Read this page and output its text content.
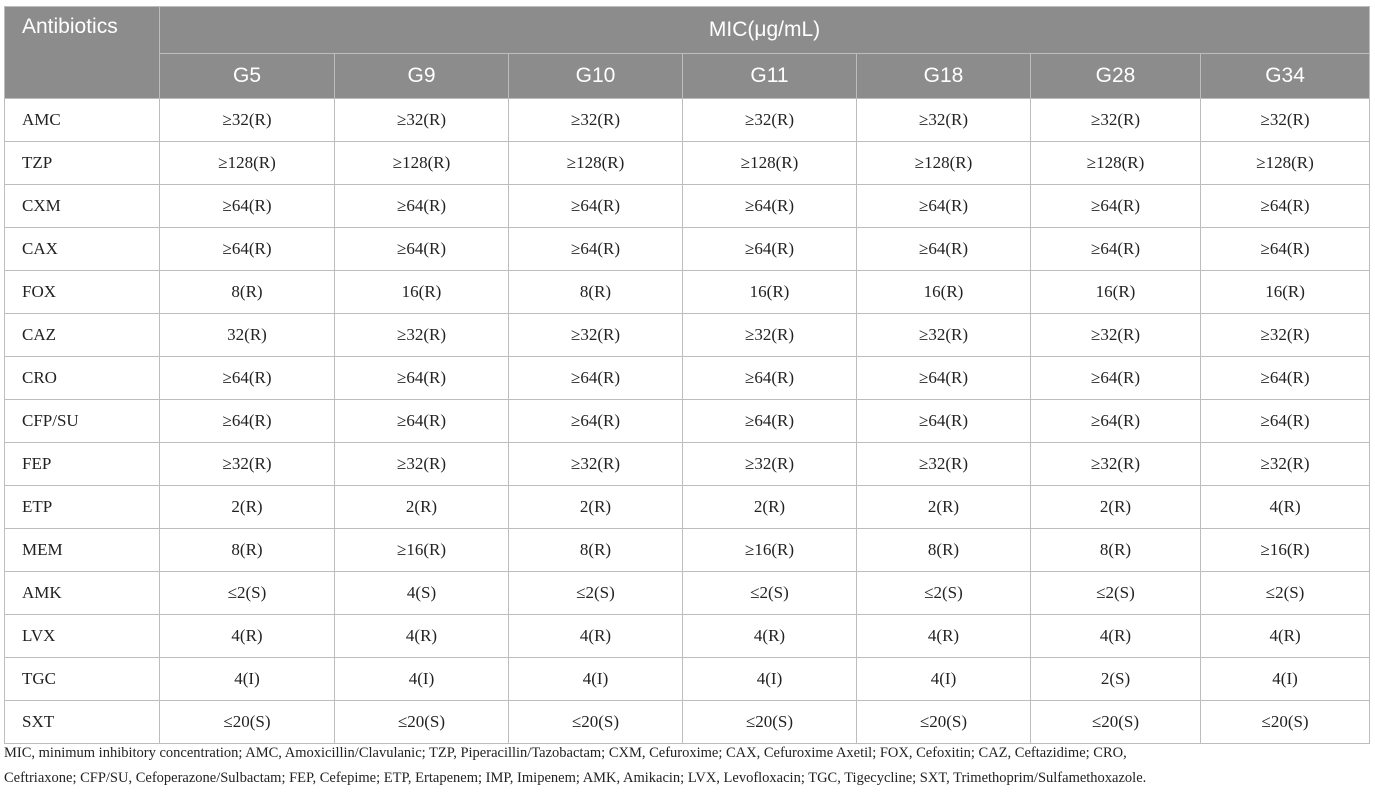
Antibiotics	MIC(μg/mL)						
	G5	G9	G10	G11	G18	G28	G34
AMC	≥32(R)	≥32(R)	≥32(R)	≥32(R)	≥32(R)	≥32(R)	≥32(R)
TZP	≥128(R)	≥128(R)	≥128(R)	≥128(R)	≥128(R)	≥128(R)	≥128(R)
CXM	≥64(R)	≥64(R)	≥64(R)	≥64(R)	≥64(R)	≥64(R)	≥64(R)
CAX	≥64(R)	≥64(R)	≥64(R)	≥64(R)	≥64(R)	≥64(R)	≥64(R)
FOX	8(R)	16(R)	8(R)	16(R)	16(R)	16(R)	16(R)
CAZ	32(R)	≥32(R)	≥32(R)	≥32(R)	≥32(R)	≥32(R)	≥32(R)
CRO	≥64(R)	≥64(R)	≥64(R)	≥64(R)	≥64(R)	≥64(R)	≥64(R)
CFP/SU	≥64(R)	≥64(R)	≥64(R)	≥64(R)	≥64(R)	≥64(R)	≥64(R)
FEP	≥32(R)	≥32(R)	≥32(R)	≥32(R)	≥32(R)	≥32(R)	≥32(R)
ETP	2(R)	2(R)	2(R)	2(R)	2(R)	2(R)	4(R)
MEM	8(R)	≥16(R)	8(R)	≥16(R)	8(R)	8(R)	≥16(R)
AMK	≤2(S)	4(S)	≤2(S)	≤2(S)	≤2(S)	≤2(S)	≤2(S)
LVX	4(R)	4(R)	4(R)	4(R)	4(R)	4(R)	4(R)
TGC	4(I)	4(I)	4(I)	4(I)	4(I)	2(S)	4(I)
SXT	≤20(S)	≤20(S)	≤20(S)	≤20(S)	≤20(S)	≤20(S)	≤20(S)
MIC, minimum inhibitory concentration; AMC, Amoxicillin/Clavulanic; TZP, Piperacillin/Tazobactam; CXM, Cefuroxime; CAX, Cefuroxime Axetil; FOX, Cefoxitin; CAZ, Ceftazidime; CRO,
Ceftriaxone; CFP/SU, Cefoperazone/Sulbactam; FEP, Cefepime; ETP, Ertapenem; IMP, Imipenem; AMK, Amikacin; LVX, Levofloxacin; TGC, Tigecycline; SXT, Trimethoprim/Sulfamethoxazole.
